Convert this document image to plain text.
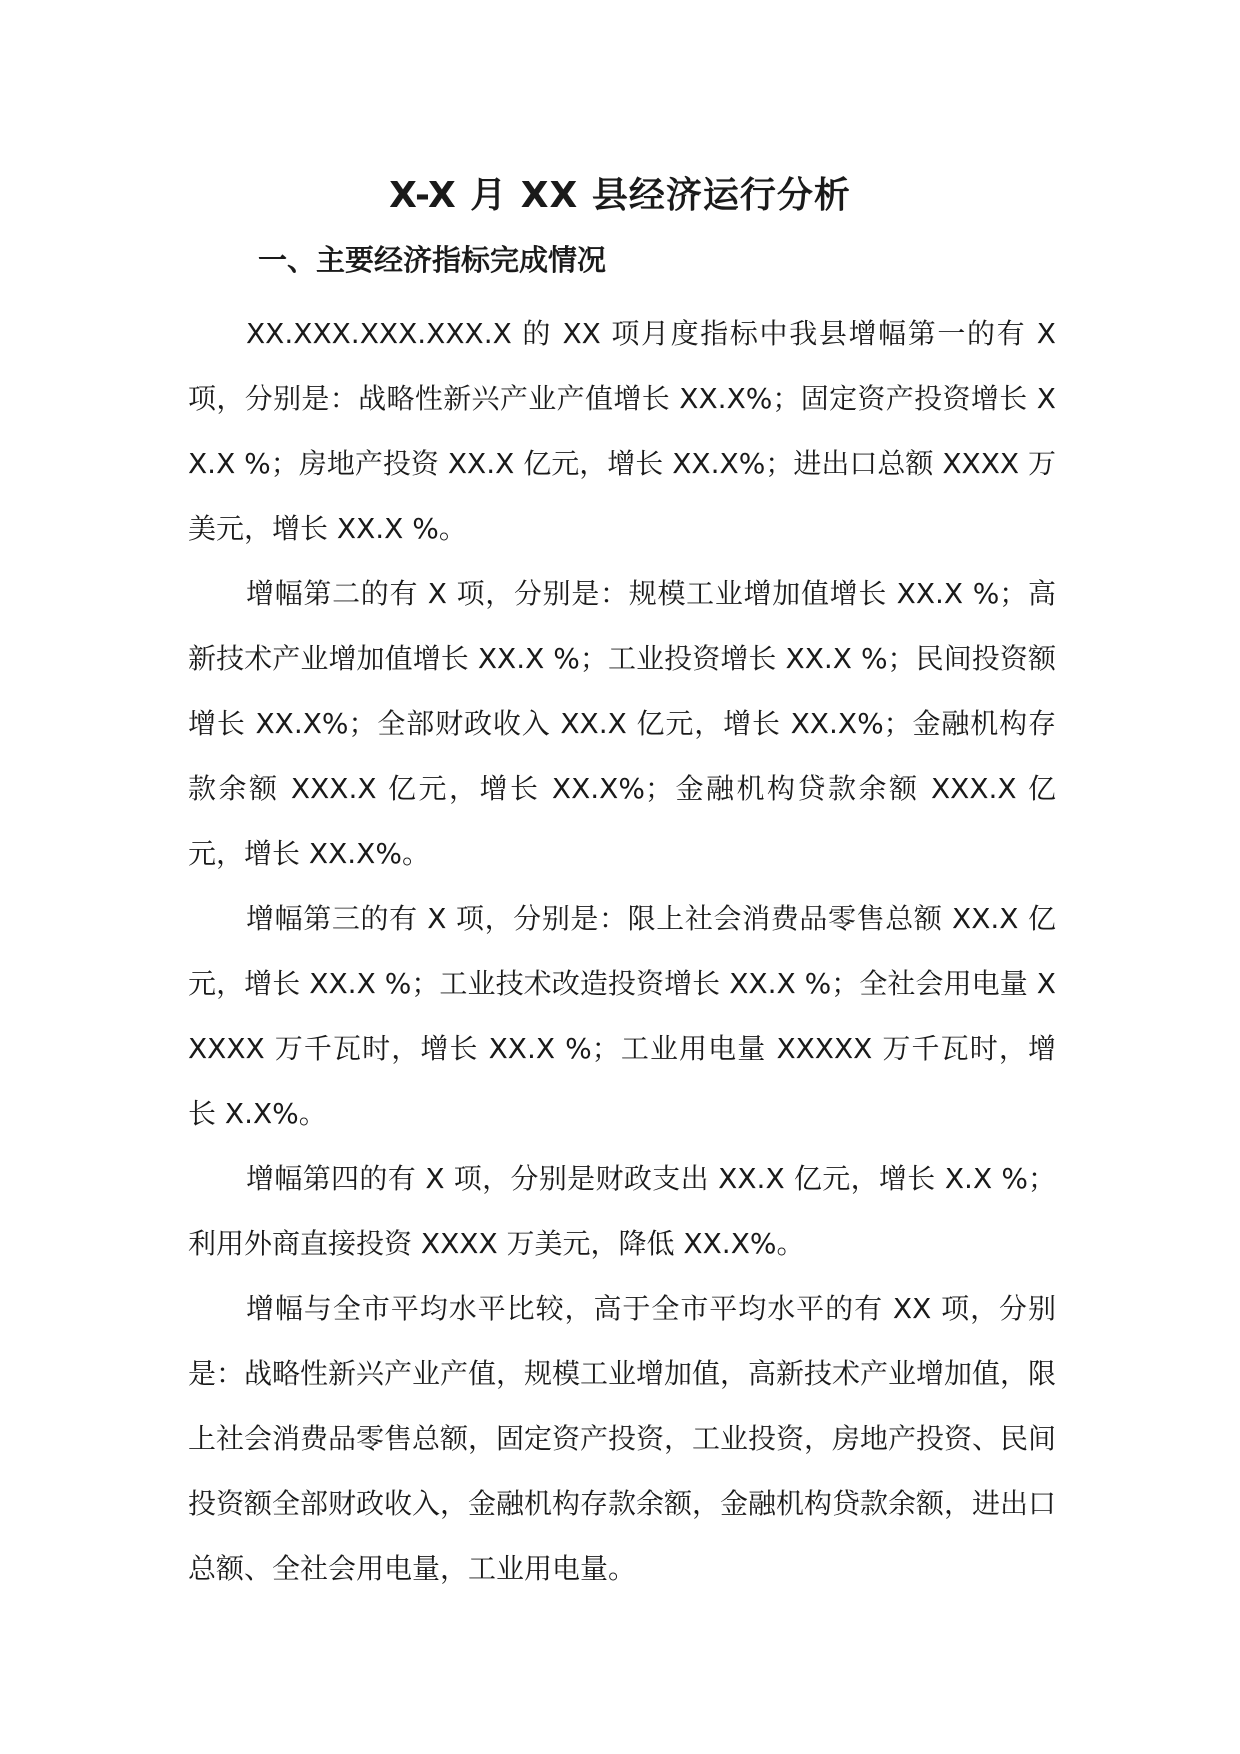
X-X 月 XX 县经济运行分析
一、主要经济指标完成情况

XX.XXX.XXX.XXX.X 的 XX 项月度指标中我县增幅第一的有 X 项，分别是：战略性新兴产业产值增长 XX.X%；固定资产投资增长 XX.X %；房地产投资 XX.X 亿元，增长 XX.X%；进出口总额 XXXX 万美元，增长 XX.X %。

增幅第二的有 X 项，分别是：规模工业增加值增长 XX.X %；高新技术产业增加值增长 XX.X %；工业投资增长 XX.X %；民间投资额增长 XX.X%；全部财政收入 XX.X 亿元，增长 XX.X%；金融机构存款余额 XXX.X 亿元，增长 XX.X%；金融机构贷款余额 XXX.X 亿元，增长 XX.X%。

增幅第三的有 X 项，分别是：限上社会消费品零售总额 XX.X 亿元，增长 XX.X %；工业技术改造投资增长 XX.X %；全社会用电量 XXXXX 万千瓦时，增长 XX.X %；工业用电量 XXXXX 万千瓦时，增长 X.X%。

增幅第四的有 X 项，分别是财政支出 XX.X 亿元，增长 X.X %；利用外商直接投资 XXXX 万美元，降低 XX.X%。

增幅与全市平均水平比较，高于全市平均水平的有 XX 项，分别是：战略性新兴产业产值，规模工业增加值，高新技术产业增加值，限上社会消费品零售总额，固定资产投资，工业投资，房地产投资、民间投资额全部财政收入，金融机构存款余额，金融机构贷款余额，进出口总额、全社会用电量，工业用电量。
